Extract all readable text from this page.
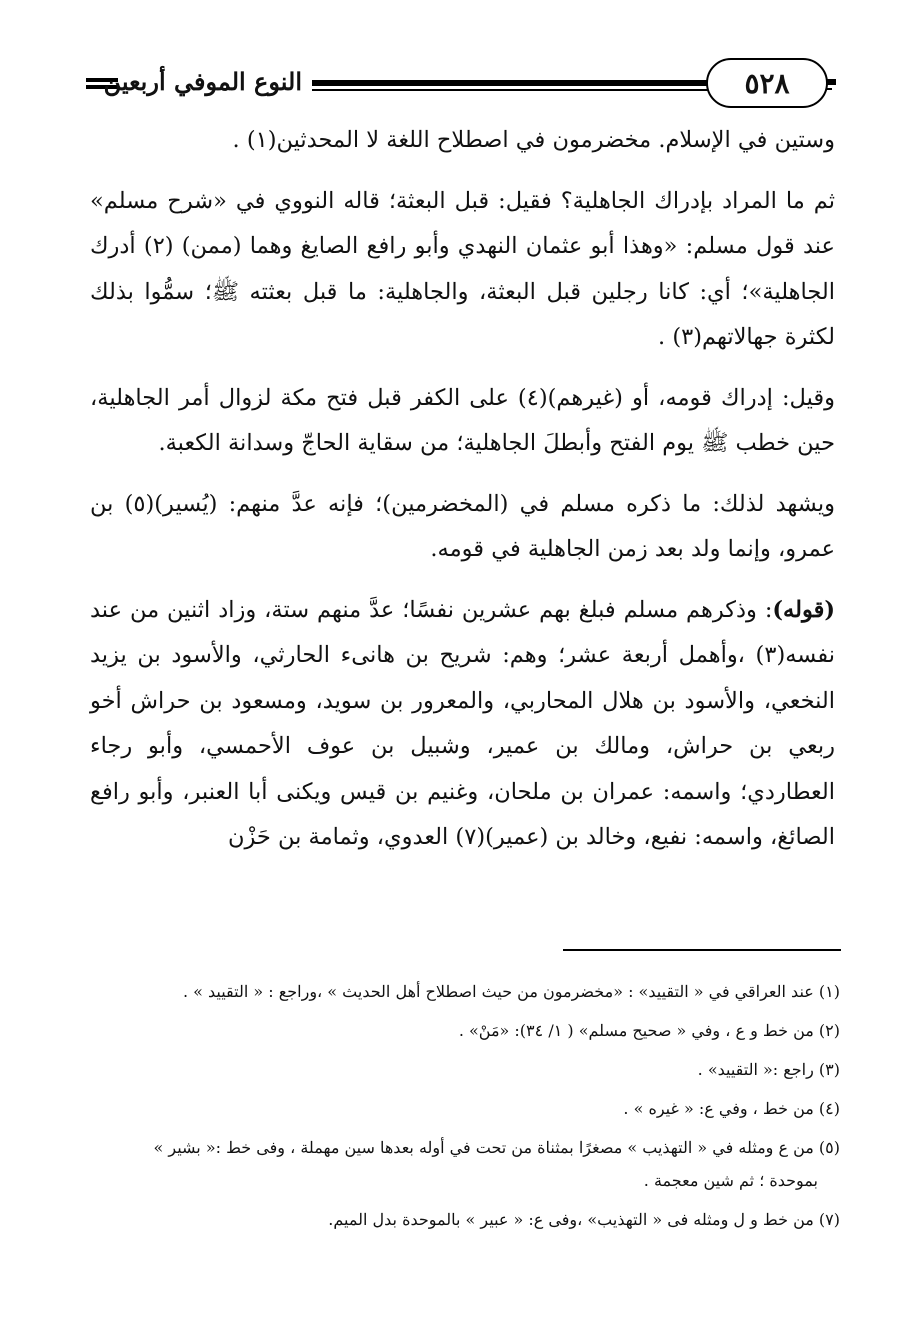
٥٢٨
النوع الموفي أربعين

وستين في الإسلام. مخضرمون في اصطلاح اللغة لا المحدثين(١) .

ثم ما المراد بإدراك الجاهلية؟ فقيل: قبل البعثة؛ قاله النووي في «شرح مسلم» عند قول مسلم: «وهذا أبو عثمان النهدي وأبو رافع الصايغ وهما (ممن) (٢) أدرك الجاهلية»؛ أي: كانا رجلين قبل البعثة، والجاهلية: ما قبل بعثته ﷺ؛ سمُّوا بذلك لكثرة جهالاتهم(٣) .

وقيل: إدراك قومه، أو (غيرهم)(٤) على الكفر قبل فتح مكة لزوال أمر الجاهلية، حين خطب ﷺ يوم الفتح وأبطلَ الجاهلية؛ من سقاية الحاجّ وسدانة الكعبة.

ويشهد لذلك: ما ذكره مسلم في (المخضرمين)؛ فإنه عدَّ منهم: (يُسير)(٥) بن عمرو، وإنما ولد بعد زمن الجاهلية في قومه.

(قوله): وذكرهم مسلم فبلغ بهم عشرين نفسًا؛ عدَّ منهم ستة، وزاد اثنين من عند نفسه(٣) ،وأهمل أربعة عشر؛ وهم: شريح بن هانىء الحارثي، والأسود بن يزيد النخعي، والأسود بن هلال المحاربي، والمعرور بن سويد، ومسعود بن حراش أخو ربعي بن حراش، ومالك بن عمير، وشبيل بن عوف الأحمسي، وأبو رجاء العطاردي؛ واسمه: عمران بن ملحان، وغنيم بن قيس ويكنى أبا العنبر، وأبو رافع الصائغ، واسمه: نفيع، وخالد بن (عمير)(٧) العدوي، وثمامة بن حَزْن

(١) عند العراقي في « التقييد» : «مخضرمون من حيث اصطلاح أهل الحديث » ،وراجع : « التقييد » .
(٢) من خط و ع ، وفي « صحيح مسلم» ( ١/ ٣٤): «مَنْ» .
(٣) راجع :« التقييد» .
(٤) من خط ، وفي ع: « غيره » .
(٥) من ع ومثله في « التهذيب » مصغرًا بمثناة من تحت في أوله بعدها سين مهملة ، وفى خط :« بشير »
بموحدة ؛ ثم شين معجمة .
(٧) من خط و ل ومثله فى « التهذيب» ،وفى ع: « عبير » بالموحدة بدل الميم.
